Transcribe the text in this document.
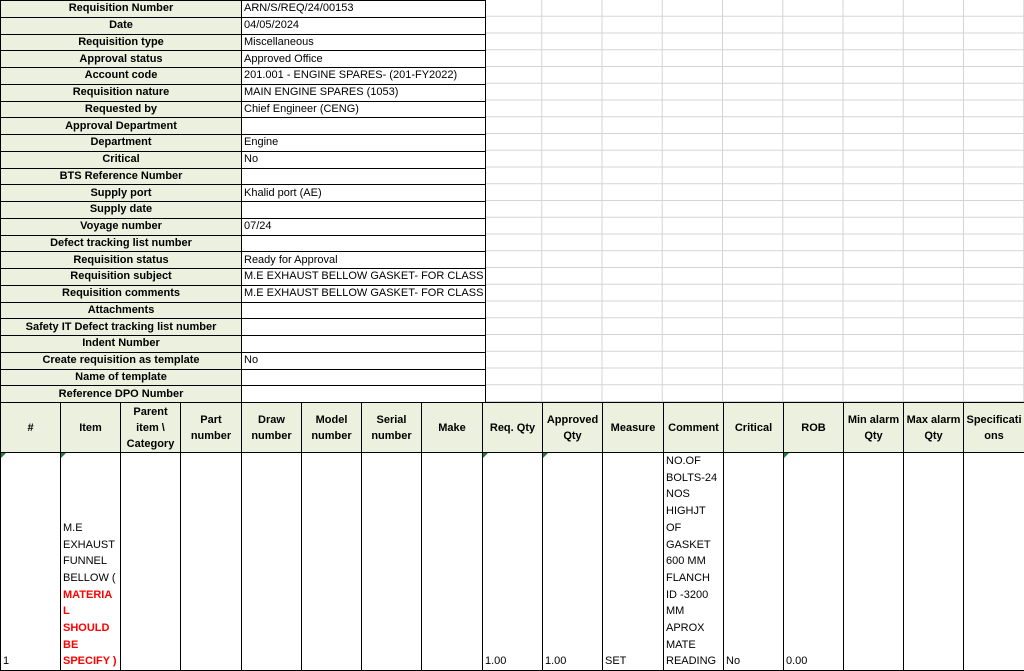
Requisition Number	ARN/S/REQ/24/00153
Date	04/05/2024
Requisition type	Miscellaneous
Approval status	Approved Office
Account code	201.001 - ENGINE SPARES- (201-FY2022)
Requisition nature	MAIN ENGINE SPARES (1053)
Requested by	Chief Engineer (CENG)
Approval Department	
Department	Engine
Critical	No
BTS Reference Number	
Supply port	Khalid port (AE)
Supply date	
Voyage number	07/24
Defect tracking list number	
Requisition status	Ready for Approval
Requisition subject	M.E EXHAUST BELLOW GASKET- FOR CLASS
Requisition comments	M.E EXHAUST BELLOW GASKET- FOR CLASS
Attachments	
Safety IT Defect tracking list number	
Indent Number	
Create requisition as template	No
Name of template	
Reference DPO Number	
#	Item	Parent item \ Category	Part number	Draw number	Model number	Serial number	Make	Req. Qty	Approved Qty	Measure	Comment	Critical	ROB	Min alarm Qty	Max alarm Qty	Specifications
1	M.E EXHAUST FUNNEL BELLOW ( MATERIAL SHOULD BE SPECIFY )							1.00	1.00	SET	NO.OF BOLTS-24 NOS HIGHJT OF GASKET 600 MM FLANCH ID -3200 MM APROX MATE READING	No	0.00			
